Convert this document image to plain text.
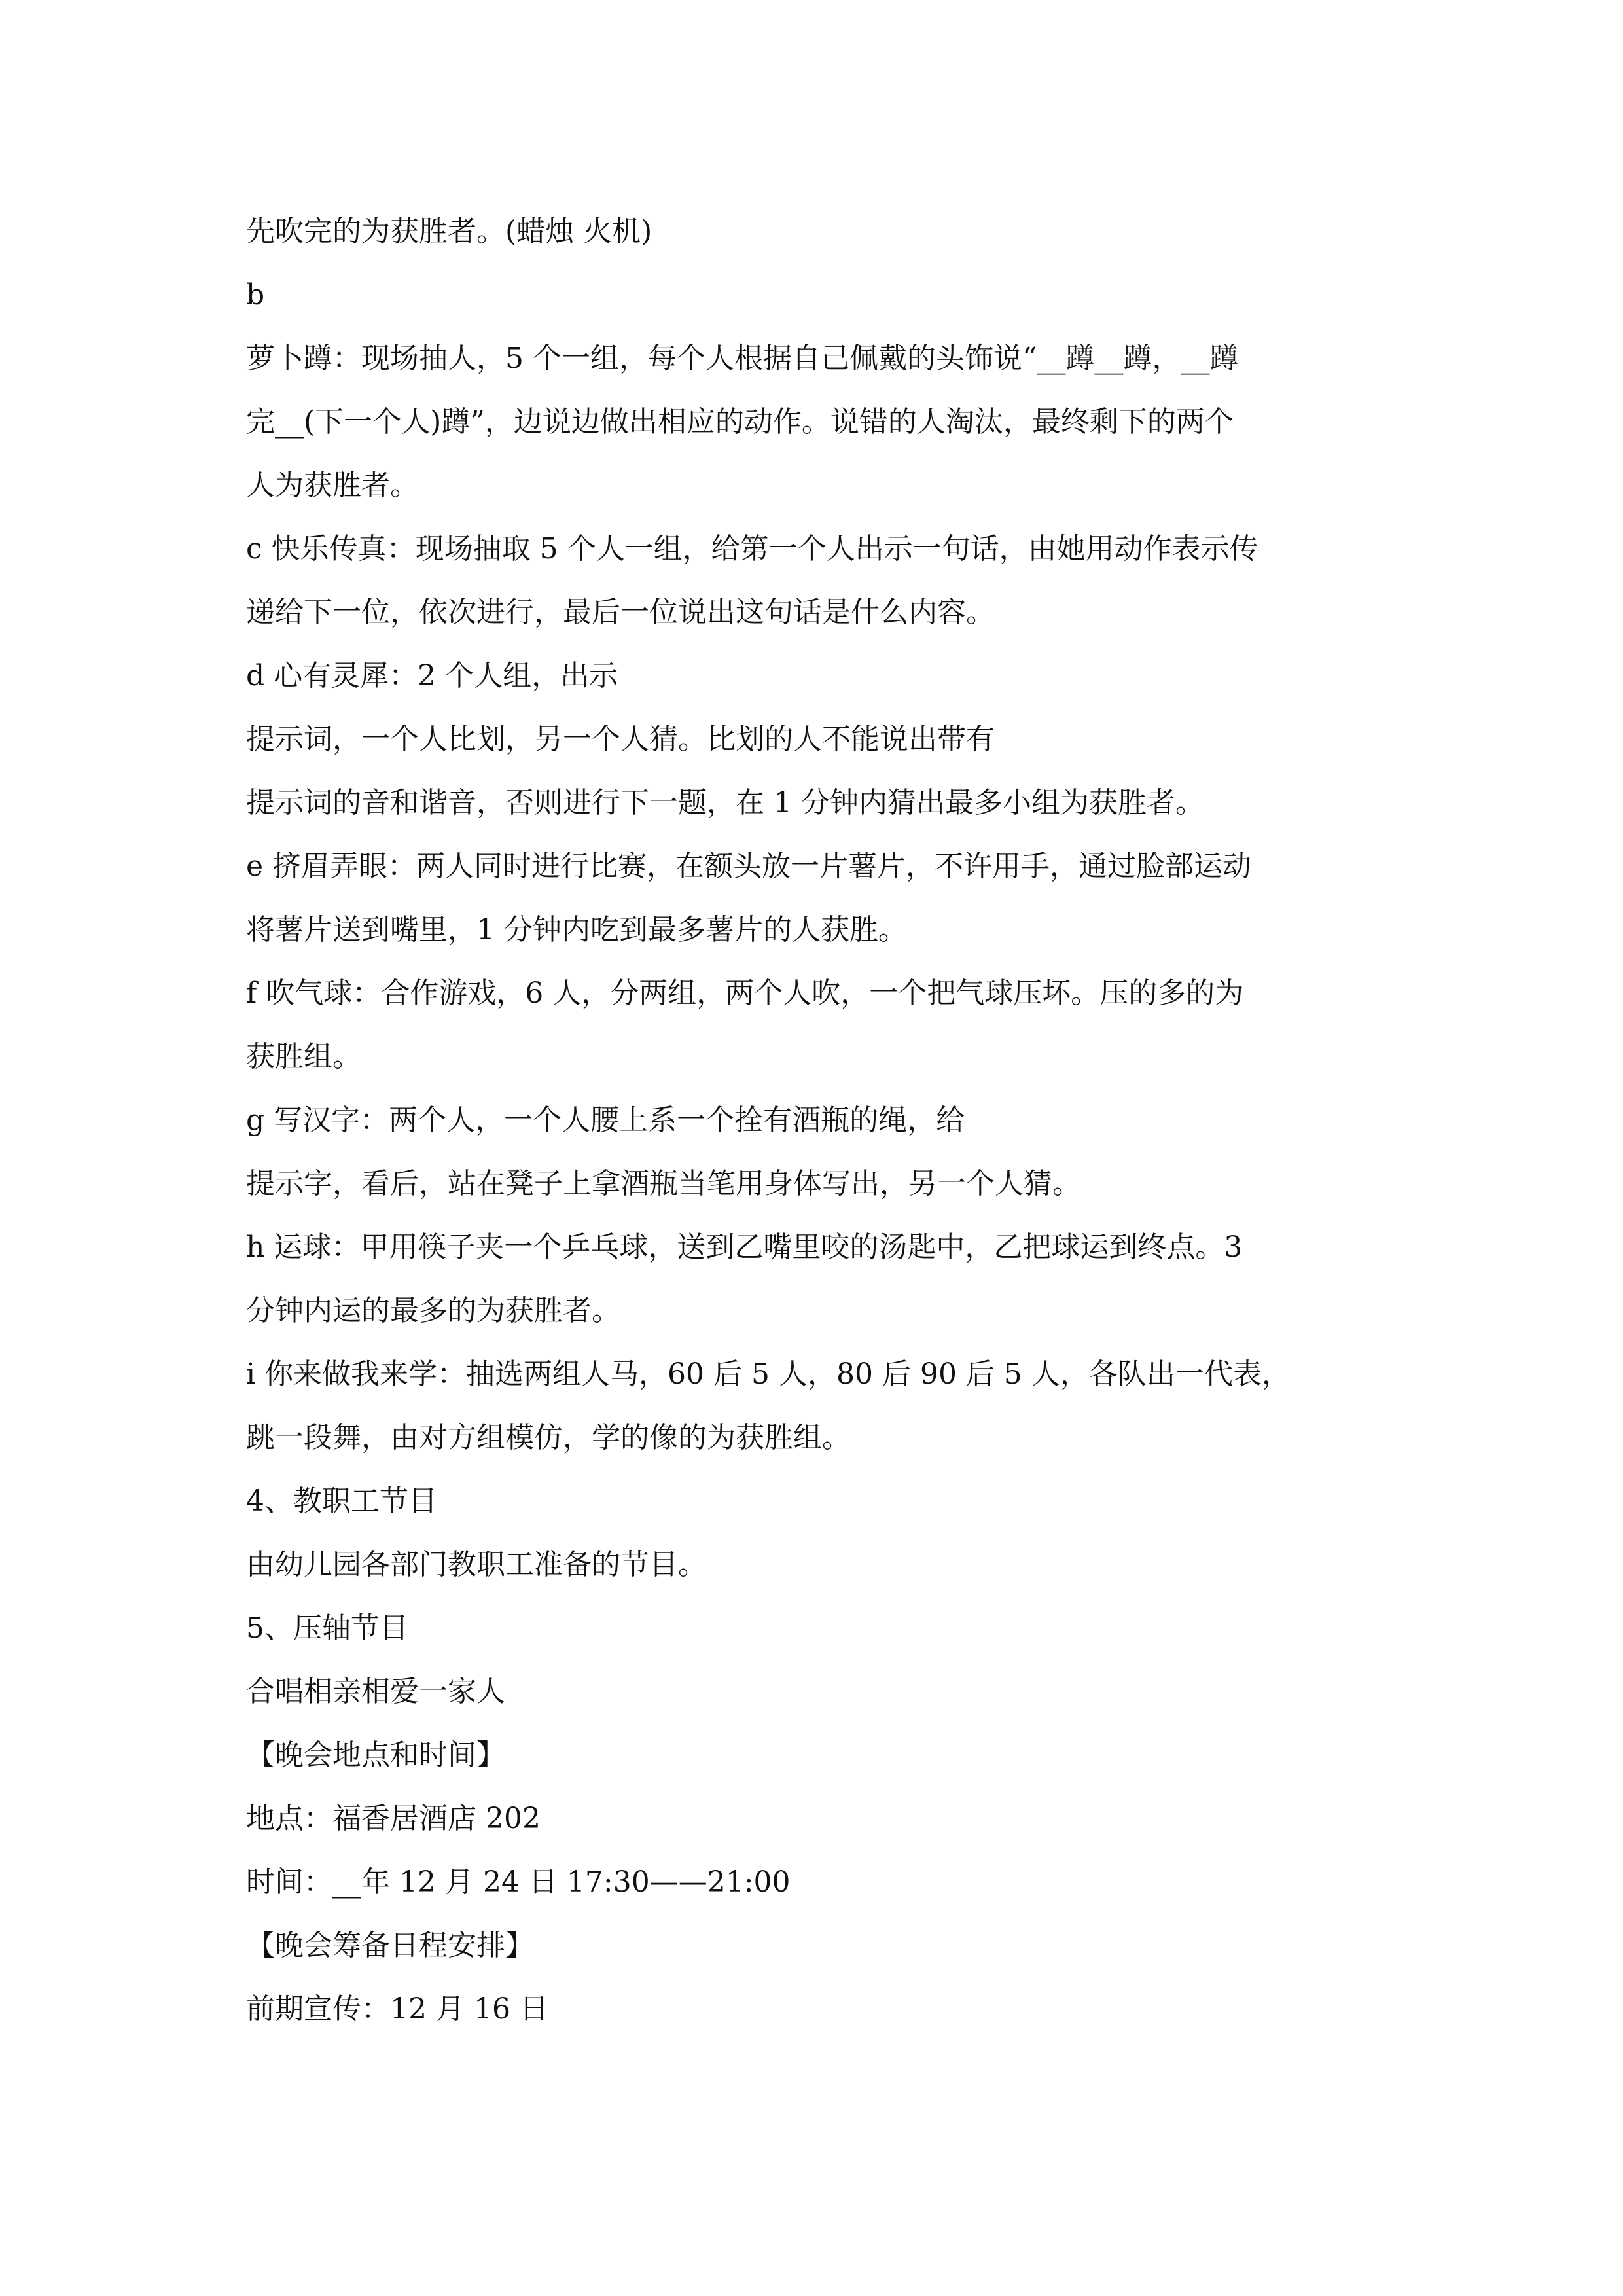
先吹完的为获胜者。(蜡烛 火机)
b
萝卜蹲：现场抽人，5 个一组，每个人根据自己佩戴的头饰说“__蹲__蹲，__蹲
完__(下一个人)蹲”，边说边做出相应的动作。说错的人淘汰，最终剩下的两个
人为获胜者。
c 快乐传真：现场抽取 5 个人一组，给第一个人出示一句话，由她用动作表示传
递给下一位，依次进行，最后一位说出这句话是什么内容。
d 心有灵犀：2 个人组，出示
提示词，一个人比划，另一个人猜。比划的人不能说出带有
提示词的音和谐音，否则进行下一题，在 1 分钟内猜出最多小组为获胜者。
e 挤眉弄眼：两人同时进行比赛，在额头放一片薯片，不许用手，通过脸部运动
将薯片送到嘴里，1 分钟内吃到最多薯片的人获胜。
f 吹气球：合作游戏，6 人，分两组，两个人吹，一个把气球压坏。压的多的为
获胜组。
g 写汉字：两个人，一个人腰上系一个拴有酒瓶的绳，给
提示字，看后，站在凳子上拿酒瓶当笔用身体写出，另一个人猜。
h 运球：甲用筷子夹一个乒乓球，送到乙嘴里咬的汤匙中，乙把球运到终点。3
分钟内运的最多的为获胜者。
i 你来做我来学：抽选两组人马，60 后 5 人，80 后 90 后 5 人，各队出一代表，
跳一段舞，由对方组模仿，学的像的为获胜组。
4、教职工节目
由幼儿园各部门教职工准备的节目。
5、压轴节目
合唱相亲相爱一家人
【晚会地点和时间】
地点：福香居酒店 202
时间：__年 12 月 24 日 17:30——21:00
【晚会筹备日程安排】
前期宣传：12 月 16 日
